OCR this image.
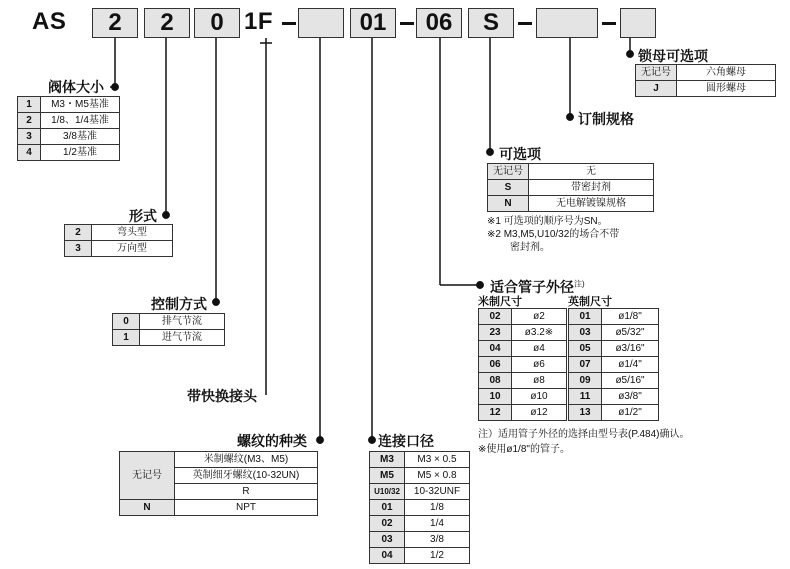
AS	2	2	0 1F	01	06	S
阀体大小
1	M3・M5基准
2	1/8、1/4基准
3	3/8基准
4	1/2基准
形式
2	弯头型
3	万向型
控制方式
0	排气节流
1	进气节流
带快换接头
螺纹的种类
无记号	米制螺纹(M3、M5)
	英制细牙螺纹(10-32UN)
	R
N	NPT
连接口径
M3	M3 × 0.5
M5	M5 × 0.8
U10/32	10-32UNF
01	1/8
02	1/4
03	3/8
04	1/2
适合管子外径$^{注)}$
米制尺寸	英制尺寸
02	ø2
23	ø3.2※
04	ø4
06	ø6
08	ø8
10	ø10
12	ø12
01	ø1/8"
03	ø5/32"
05	ø3/16"
07	ø1/4"
09	ø5/16"
11	ø3/8"
13	ø1/2"
注）适用管子外径的选择由型号表(P.484)确认。
※使用ø1/8"的管子。
可选项
无记号	无
S	带密封剂
N	无电解镀镍规格
※1 可选项的顺序号为SN。
※2 M3,M5,U10/32的场合不带
密封剂。
订制规格
锁母可选项
无记号	六角螺母
J	圆形螺母
